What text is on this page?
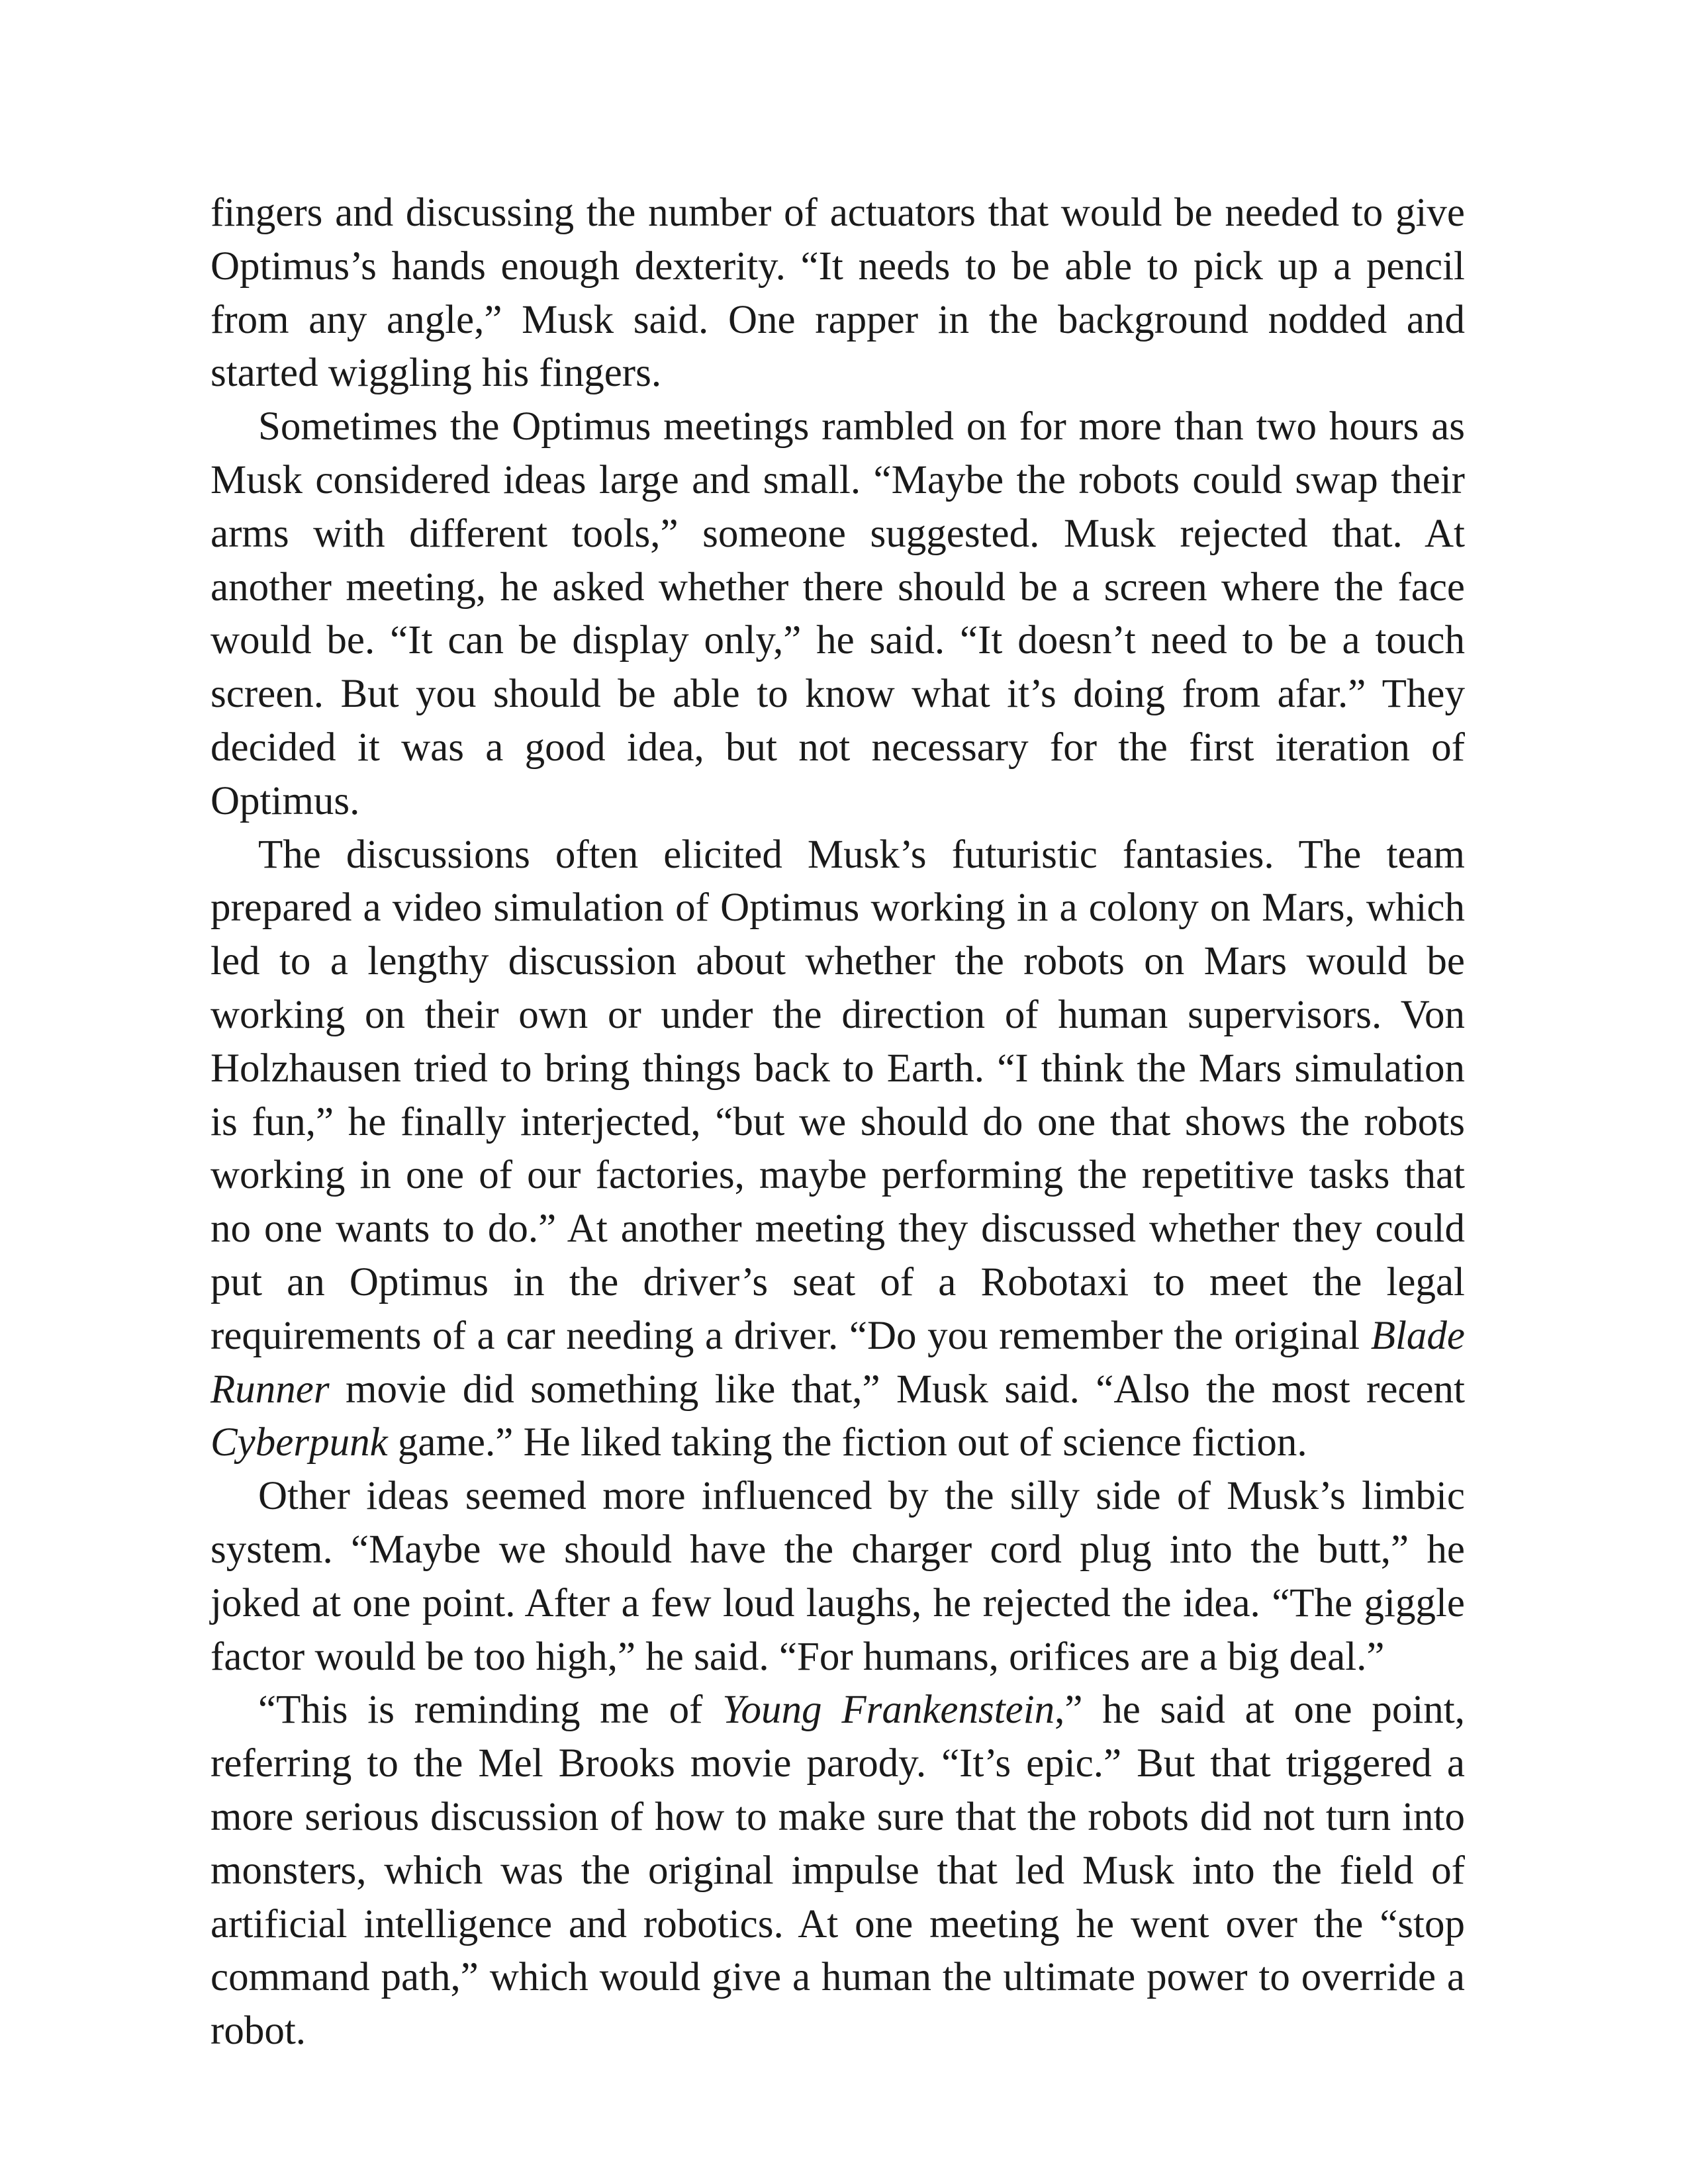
fingers and discussing the number of actuators that would be needed to give Optimus’s hands enough dexterity. “It needs to be able to pick up a pencil from any angle,” Musk said. One rapper in the background nodded and started wiggling his fingers.

Sometimes the Optimus meetings rambled on for more than two hours as Musk considered ideas large and small. “Maybe the robots could swap their arms with different tools,” someone suggested. Musk rejected that. At another meeting, he asked whether there should be a screen where the face would be. “It can be display only,” he said. “It doesn’t need to be a touch screen. But you should be able to know what it’s doing from afar.” They decided it was a good idea, but not necessary for the first iteration of Optimus.

The discussions often elicited Musk’s futuristic fantasies. The team prepared a video simulation of Optimus working in a colony on Mars, which led to a lengthy discussion about whether the robots on Mars would be working on their own or under the direction of human supervisors. Von Holzhausen tried to bring things back to Earth. “I think the Mars simulation is fun,” he finally interjected, “but we should do one that shows the robots working in one of our factories, maybe performing the repetitive tasks that no one wants to do.” At another meeting they discussed whether they could put an Optimus in the driver’s seat of a Robotaxi to meet the legal requirements of a car needing a driver. “Do you remember the original Blade Runner movie did something like that,” Musk said. “Also the most recent Cyberpunk game.” He liked taking the fiction out of science fiction.

Other ideas seemed more influenced by the silly side of Musk’s limbic system. “Maybe we should have the charger cord plug into the butt,” he joked at one point. After a few loud laughs, he rejected the idea. “The giggle factor would be too high,” he said. “For humans, orifices are a big deal.”

“This is reminding me of Young Frankenstein,” he said at one point, referring to the Mel Brooks movie parody. “It’s epic.” But that triggered a more serious discussion of how to make sure that the robots did not turn into monsters, which was the original impulse that led Musk into the field of artificial intelligence and robotics. At one meeting he went over the “stop command path,” which would give a human the ultimate power to override a robot.
